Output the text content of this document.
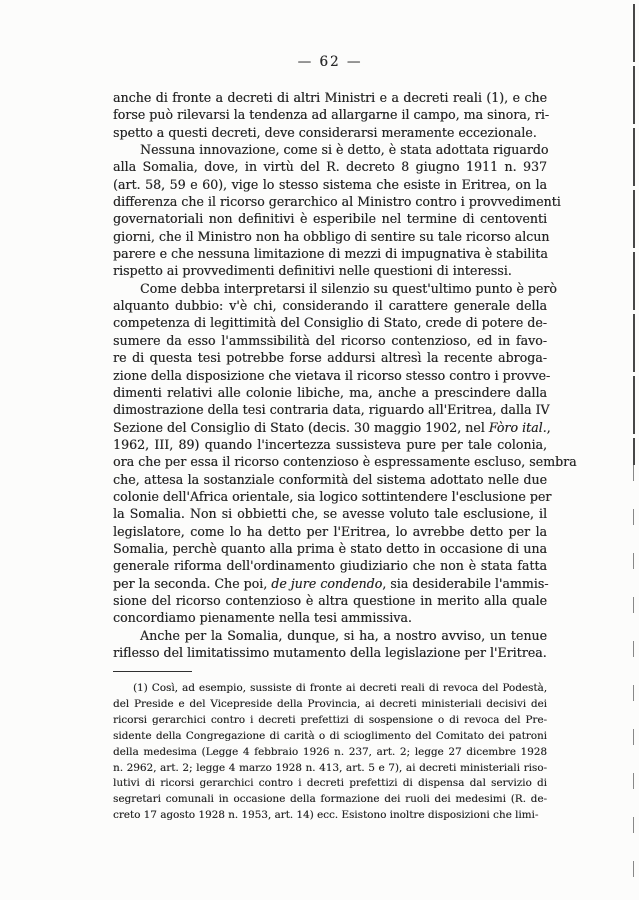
— 62 —
anche di fronte a decreti di altri Ministri e a decreti reali (1), e che
forse può rilevarsi la tendenza ad allargarne il campo, ma sinora, ri-
spetto a questi decreti, deve considerarsi meramente eccezionale.
Nessuna innovazione, come si è detto, è stata adottata riguardo
alla Somalia, dove, in virtù del R. decreto 8 giugno 1911 n. 937
(art. 58, 59 e 60), vige lo stesso sistema che esiste in Eritrea, on la
differenza che il ricorso gerarchico al Ministro contro i provvedimenti
governatoriali non definitivi è esperibile nel termine di centoventi
giorni, che il Ministro non ha obbligo di sentire su tale ricorso alcun
parere e che nessuna limitazione di mezzi di impugnativa è stabilita
rispetto ai provvedimenti definitivi nelle questioni di interessi.
Come debba interpretarsi il silenzio su quest'ultimo punto è però
alquanto dubbio: v'è chi, considerando il carattere generale della
competenza di legittimità del Consiglio di Stato, crede di potere de-
sumere da esso l'ammssibilità del ricorso contenzioso, ed in favo-
re di questa tesi potrebbe forse addursi altresì la recente abroga-
zione della disposizione che vietava il ricorso stesso contro i provve-
dimenti relativi alle colonie libiche, ma, anche a prescindere dalla
dimostrazione della tesi contraria data, riguardo all'Eritrea, dalla IV
Sezione del Consiglio di Stato (decis. 30 maggio 1902, nel Fòro ital.,
1962, III, 89) quando l'incertezza sussisteva pure per tale colonia,
ora che per essa il ricorso contenzioso è espressamente escluso, sembra
che, attesa la sostanziale conformità del sistema adottato nelle due
colonie dell'Africa orientale, sia logico sottintendere l'esclusione per
la Somalia. Non si obbietti che, se avesse voluto tale esclusione, il
legislatore, come lo ha detto per l'Eritrea, lo avrebbe detto per la
Somalia, perchè quanto alla prima è stato detto in occasione di una
generale riforma dell'ordinamento giudiziario che non è stata fatta
per la seconda. Che poi, de jure condendo, sia desiderabile l'ammis-
sione del ricorso contenzioso è altra questione in merito alla quale
concordiamo pienamente nella tesi ammissiva.
Anche per la Somalia, dunque, si ha, a nostro avviso, un tenue
riflesso del limitatissimo mutamento della legislazione per l'Eritrea.
(1) Così, ad esempio, sussiste di fronte ai decreti reali di revoca del Podestà,
del Preside e del Vicepreside della Provincia, ai decreti ministeriali decisivi dei
ricorsi gerarchici contro i decreti prefettizi di sospensione o di revoca del Pre-
sidente della Congregazione di carità o di scioglimento del Comitato dei patroni
della medesima (Legge 4 febbraio 1926 n. 237, art. 2; legge 27 dicembre 1928
n. 2962, art. 2; legge 4 marzo 1928 n. 413, art. 5 e 7), ai decreti ministeriali riso-
lutivi di ricorsi gerarchici contro i decreti prefettizi di dispensa dal servizio di
segretari comunali in occasione della formazione dei ruoli dei medesimi (R. de-
creto 17 agosto 1928 n. 1953, art. 14) ecc. Esistono inoltre disposizioni che limi-
